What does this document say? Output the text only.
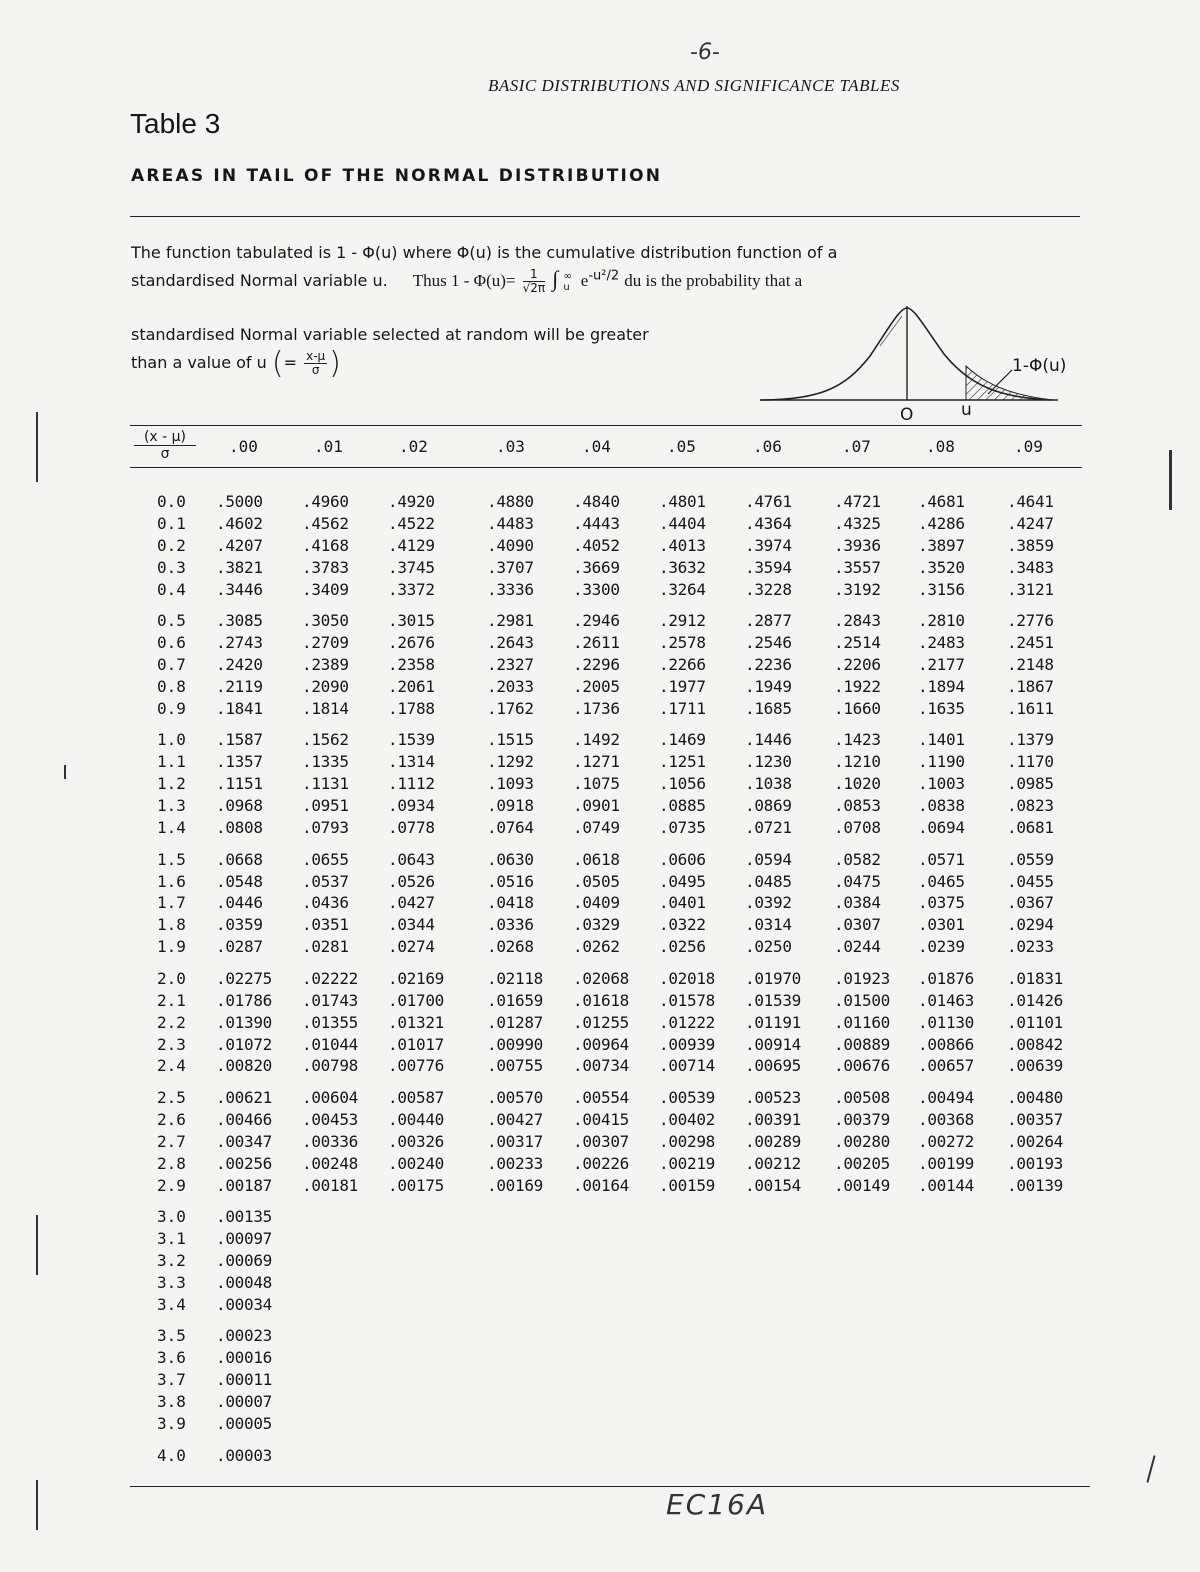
-6-
BASIC DISTRIBUTIONS AND SIGNIFICANCE TABLES
Table 3
AREAS IN TAIL OF THE NORMAL DISTRIBUTION
The function tabulated is 1 - Φ(u) where Φ(u) is the cumulative distribution function of a
standardised Normal variable u. Thus $1 - \Phi(u)= \frac{1}{√2\pi}$ ∫ ∞
u $e^{-u^2/2}$ du is the probability that a
standardised Normal variable selected at random will be greater
than a value of u (= $\frac{x-\mu}{\sigma}$ )	1-Φ(u)
O	u
$\frac{(x - \mu)}{\sigma} .00$	.01	.02	.03	.04	.05	.06	.07	.08	.09
0.0 .5000 .4960 .4920	.4880 .4840 .4801 .4761	.4721 .4681	.4641
0.1 .4602 .4562 .4522	.4483 .4443 .4404 .4364	.4325 .4286	.4247
0.2 .4207 .4168 .4129	.4090 .4052 .4013 .3974	.3936 .3897	.3859
0.3 .3821 .3783 .3745	.3707 .3669 .3632 .3594	.3557 .3520	.3483
0.4 .3446 .3409 .3372	.3336 .3300 .3264 .3228	.3192 .3156	.3121
0.5 .3085 .3050 .3015	.2981 .2946 .2912 .2877	.2843 .2810	.2776
0.6 .2743 .2709 .2676	.2643 .2611 .2578 .2546	.2514 .2483	.2451
0.7 .2420 .2389 .2358	.2327 .2296 .2266 .2236	.2206 .2177	.2148
0.8 .2119 .2090 .2061	.2033 .2005 .1977 .1949	.1922 .1894	.1867
0.9 .1841 .1814 .1788	.1762 .1736 .1711 .1685	.1660 .1635	.1611
1.0 .1587 .1562 .1539	.1515 .1492 .1469 .1446	.1423 .1401	.1379
1.1 .1357 .1335 .1314	.1292 .1271 .1251 .1230	.1210 .1190	.1170
1.2 .1151 .1131 .1112	.1093 .1075 .1056 .1038	.1020 .1003	.0985
1.3 .0968 .0951 .0934	.0918 .0901 .0885 .0869	.0853 .0838	.0823
1.4 .0808 .0793 .0778	.0764 .0749 .0735 .0721	.0708 .0694	.0681
1.5 .0668 .0655 .0643	.0630 .0618 .0606 .0594	.0582 .0571	.0559
1.6 .0548 .0537 .0526	.0516 .0505 .0495 .0485	.0475 .0465	.0455
1.7 .0446 .0436 .0427	.0418 .0409 .0401 .0392	.0384 .0375	.0367
1.8 .0359 .0351 .0344	.0336 .0329 .0322 .0314	.0307 .0301	.0294
1.9 .0287 .0281 .0274	.0268 .0262 .0256 .0250	.0244 .0239	.0233
2.0 .02275 .02222 .02169	.02118 .02068 .02018 .01970 .01923 .01876 .01831
2.1 .01786 .01743 .01700	.01659 .01618 .01578 .01539 .01500 .01463 .01426
2.2 .01390 .01355 .01321	.01287 .01255 .01222 .01191 .01160 .01130 .01101
2.3 .01072 .01044 .01017	.00990 .00964 .00939 .00914 .00889 .00866 .00842
2.4 .00820 .00798 .00776	.00755 .00734 .00714 .00695 .00676 .00657 .00639
2.5 .00621 .00604 .00587	.00570 .00554 .00539 .00523 .00508 .00494 .00480
2.6 .00466 .00453 .00440	.00427 .00415 .00402 .00391 .00379 .00368 .00357
2.7 .00347 .00336 .00326	.00317 .00307 .00298 .00289 .00280 .00272 .00264
2.8 .00256 .00248 .00240	.00233 .00226 .00219 .00212 .00205 .00199 .00193
2.9 .00187 .00181 .00175	.00169 .00164 .00159 .00154 .00149 .00144 .00139
3.0 .00135
3.1 .00097
3.2 .00069
3.3 .00048
3.4 .00034
3.5 .00023
3.6 .00016
3.7 .00011
3.8 .00007
3.9 .00005
4.0 .00003
EC16A
